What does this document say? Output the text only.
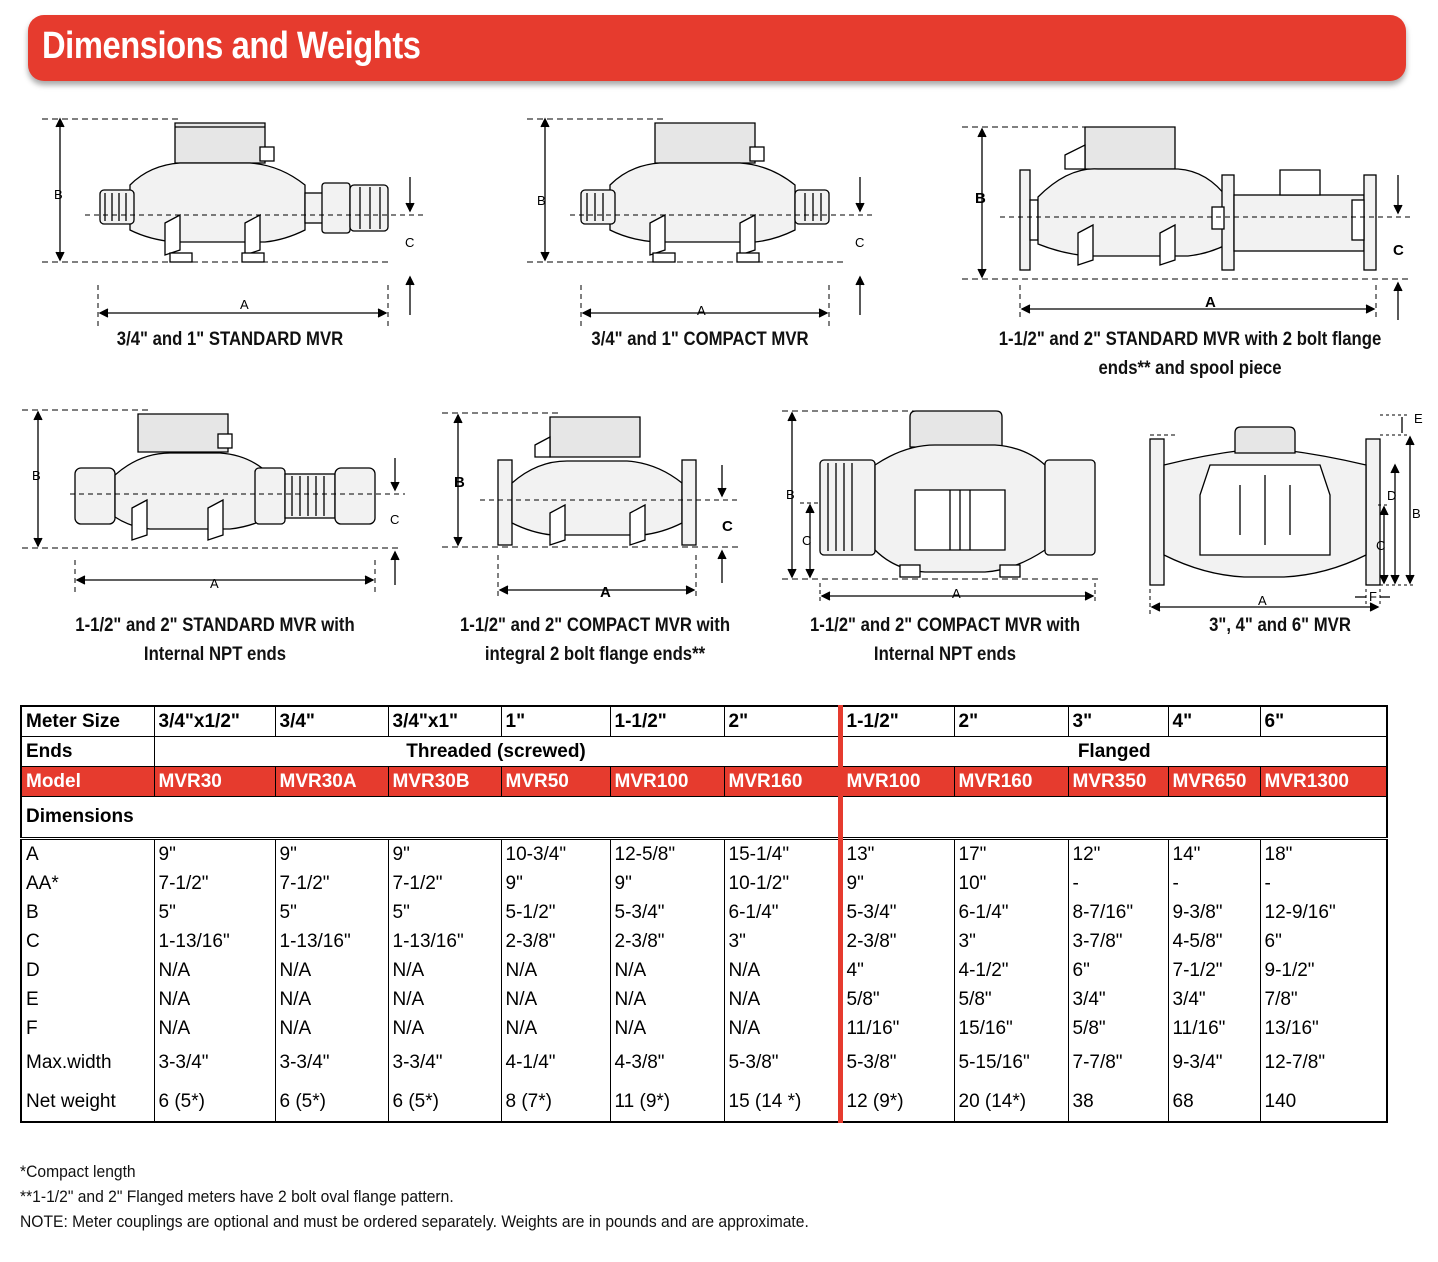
Dimensions and Weights
B
C
A
3/4" and 1" STANDARD MVR
B
C
A
3/4" and 1" COMPACT MVR
B
C
A
1-1/2" and 2" STANDARD MVR with 2 bolt flange
ends** and spool piece
B
C
A
1-1/2" and 2" STANDARD MVR with
Internal NPT ends
B
C
A
1-1/2" and 2" COMPACT MVR with
integral 2 bolt flange ends**
B
C
A
1-1/2" and 2" COMPACT MVR with
Internal NPT ends
E
B
D
C
F
A
3", 4" and 6" MVR
Meter Size	3/4"x1/2"	3/4"	3/4"x1"	1"	1-1/2"	2"	1-1/2"	2"	3"	4"	6"
Ends	Threaded (screwed)						Flanged				
Model	MVR30	MVR30A	MVR30B	MVR50	MVR100	MVR160	MVR100	MVR160	MVR350	MVR650	MVR1300
Dimensions											
A	9"	9"	9"	10-3/4"	12-5/8"	15-1/4"	13"	17"	12"	14"	18"
AA*	7-1/2"	7-1/2"	7-1/2"	9"	9"	10-1/2"	9"	10"	-	-	-
B	5"	5"	5"	5-1/2"	5-3/4"	6-1/4"	5-3/4"	6-1/4"	8-7/16"	9-3/8"	12-9/16"
C	1-13/16"	1-13/16"	1-13/16"	2-3/8"	2-3/8"	3"	2-3/8"	3"	3-7/8"	4-5/8"	6"
D	N/A	N/A	N/A	N/A	N/A	N/A	4"	4-1/2"	6"	7-1/2"	9-1/2"
E	N/A	N/A	N/A	N/A	N/A	N/A	5/8"	5/8"	3/4"	3/4"	7/8"
F	N/A	N/A	N/A	N/A	N/A	N/A	11/16"	15/16"	5/8"	11/16"	13/16"
Max.width	3-3/4"	3-3/4"	3-3/4"	4-1/4"	4-3/8"	5-3/8"	5-3/8"	5-15/16"	7-7/8"	9-3/4"	12-7/8"
Net weight	6 (5*)	6 (5*)	6 (5*)	8 (7*)	11 (9*)	15 (14 *)	12 (9*)	20 (14*)	38	68	140
*Compact length
**1-1/2" and 2" Flanged meters have 2 bolt oval flange pattern.
NOTE: Meter couplings are optional and must be ordered separately. Weights are in pounds and are approximate.
